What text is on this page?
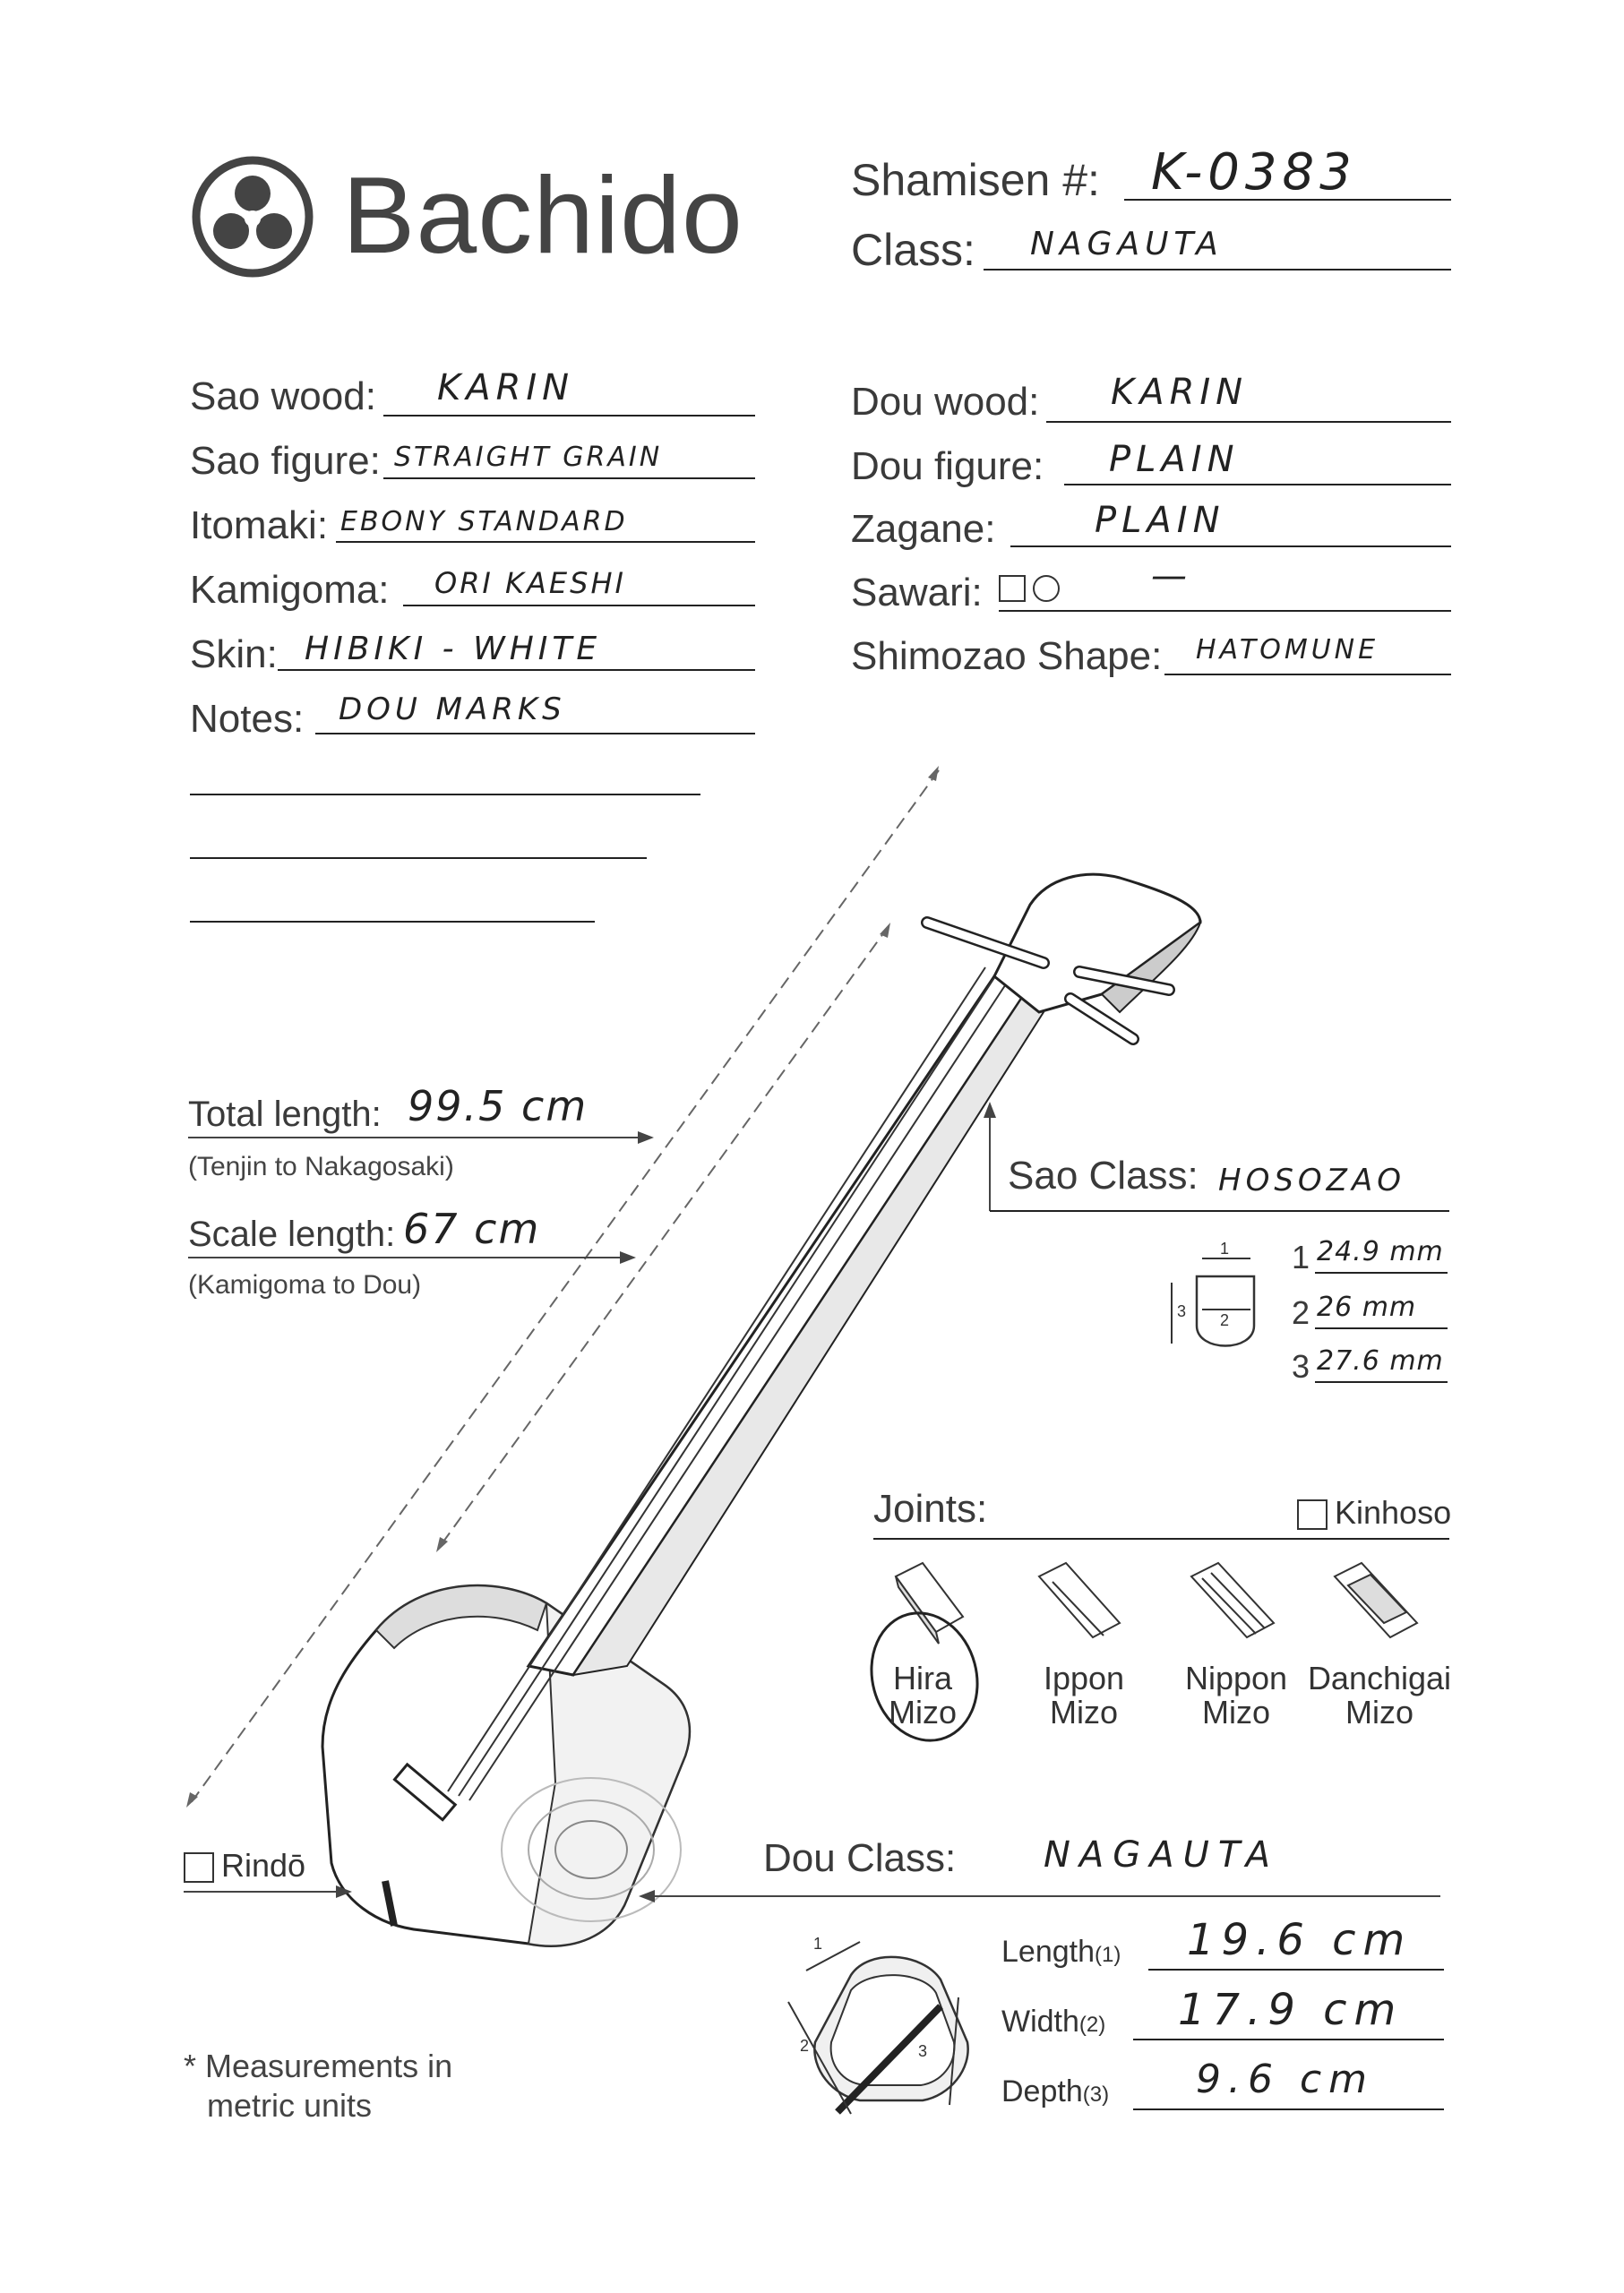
Bachido Shamisen #: K-0383
Class: NAGAUTA
Sao wood: KARIN
Sao figure: STRAIGHT GRAIN
Itomaki: EBONY STANDARD
Kamigoma: ORI KAESHI
Skin: HIBIKI - WHITE
Notes: DOU MARKS
Dou wood: KARIN
Dou figure: PLAIN
Zagane:	PLAIN
Sawari:	—
Shimozao Shape: HATOMUNE
1
2
3
1
2	3
Total length: 99.5 cm
(Tenjin to Nakagosaki)
Scale length: 67 cm
(Kamigoma to Dou)
Sao Class: HOSOZAO
1 24.9 mm
2 26 mm
3 27.6 mm
Joints:	Kinhoso
Hira
Mizo
Ippon
Mizo
Nippon
Mizo
Danchigai
Mizo
Rindō	Dou Class: NAGAUTA
Length(1) 19.6 cm
Width(2) 17.9 cm
Depth(3) 9.6 cm
* Measurements in
metric units
